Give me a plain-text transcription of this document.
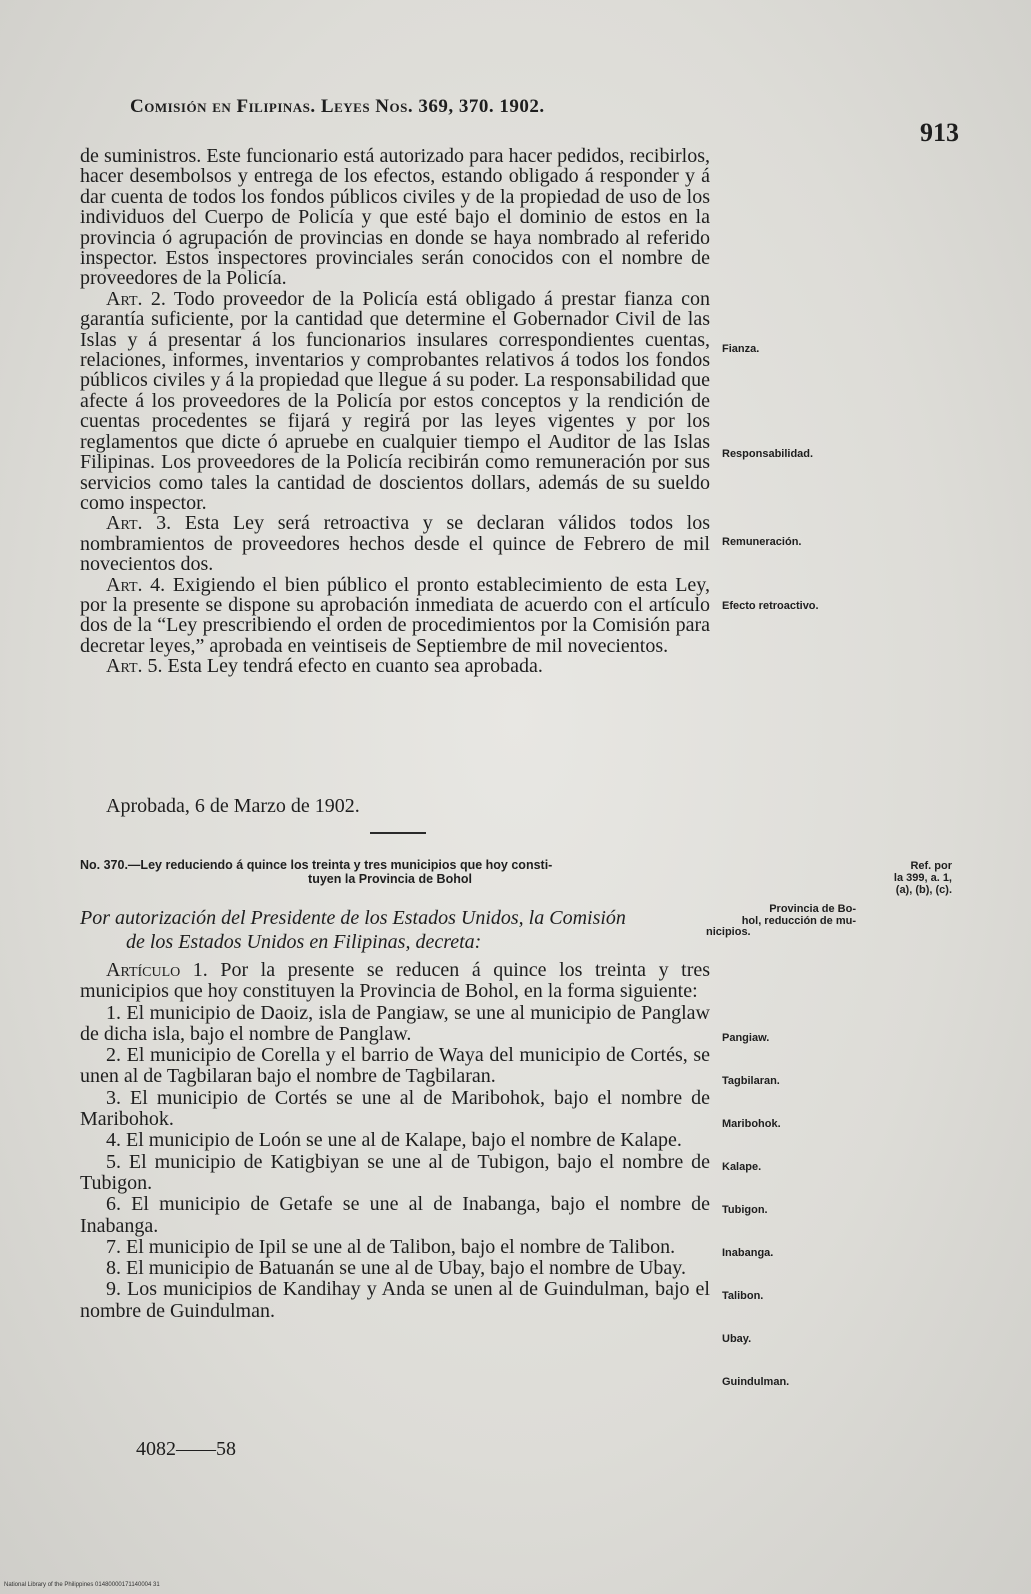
Comisión en Filipinas. Leyes Nos. 369, 370. 1902.
913

de suministros. Este funcionario está autorizado para hacer pedidos, recibirlos, hacer desembolsos y entrega de los efectos, estando obligado á responder y á dar cuenta de todos los fondos públicos civiles y de la propiedad de uso de los individuos del Cuerpo de Policía y que esté bajo el dominio de estos en la provincia ó agrupación de provincias en donde se haya nombrado al referido inspector. Estos inspectores provinciales serán conocidos con el nombre de proveedores de la Policía.

Art. 2. Todo proveedor de la Policía está obligado á prestar fianza con garantía suficiente, por la cantidad que determine el Gobernador Civil de las Islas y á presentar á los funcionarios insulares correspondientes cuentas, relaciones, informes, inventarios y comprobantes relativos á todos los fondos públicos civiles y á la propiedad que llegue á su poder. La responsabilidad que afecte á los proveedores de la Policía por estos conceptos y la rendición de cuentas procedentes se fijará y regirá por las leyes vigentes y por los reglamentos que dicte ó apruebe en cualquier tiempo el Auditor de las Islas Filipinas. Los proveedores de la Policía recibirán como remuneración por sus servicios como tales la cantidad de doscientos dollars, además de su sueldo como inspector.

Art. 3. Esta Ley será retroactiva y se declaran válidos todos los nombramientos de proveedores hechos desde el quince de Febrero de mil novecientos dos.

Art. 4. Exigiendo el bien público el pronto establecimiento de esta Ley, por la presente se dispone su aprobación inmediata de acuerdo con el artículo dos de la “Ley prescribiendo el orden de procedimientos por la Comisión para decretar leyes,” aprobada en veintiseis de Septiembre de mil novecientos.

Art. 5. Esta Ley tendrá efecto en cuanto sea aprobada.

Fianza.
Responsabilidad.
Remuneración.
Efecto retroactivo.
Aprobada, 6 de Marzo de 1902.
No. 370.—Ley reduciendo á quince los treinta y tres municipios que hoy consti-
tuyen la Provincia de Bohol
Ref. por
la 399, a. 1,
(a), (b), (c).
Por autorización del Presidente de los Estados Unidos, la Comisión
de los Estados Unidos en Filipinas, decreta:
Provincia de Bo-
hol, reducción de mu-
nicipios.

Artículo 1. Por la presente se reducen á quince los treinta y tres municipios que hoy constituyen la Provincia de Bohol, en la forma siguiente:

1. El municipio de Daoiz, isla de Pangiaw, se une al municipio de Panglaw de dicha isla, bajo el nombre de Panglaw.

2. El municipio de Corella y el barrio de Waya del municipio de Cortés, se unen al de Tagbilaran bajo el nombre de Tagbilaran.

3. El municipio de Cortés se une al de Maribohok, bajo el nombre de Maribohok.

4. El municipio de Loón se une al de Kalape, bajo el nombre de Kalape.

5. El municipio de Katigbiyan se une al de Tubigon, bajo el nombre de Tubigon.

6. El municipio de Getafe se une al de Inabanga, bajo el nombre de Inabanga.

7. El municipio de Ipil se une al de Talibon, bajo el nombre de Talibon.

8. El municipio de Batuanán se une al de Ubay, bajo el nombre de Ubay.

9. Los municipios de Kandihay y Anda se unen al de Guindulman, bajo el nombre de Guindulman.

Pangiaw.
Tagbilaran.
Maribohok.
Kalape.
Tubigon.
Inabanga.
Talibon.
Ubay.
Guindulman.
4082——58
National Library of the Philippines 01480000171140004 31
